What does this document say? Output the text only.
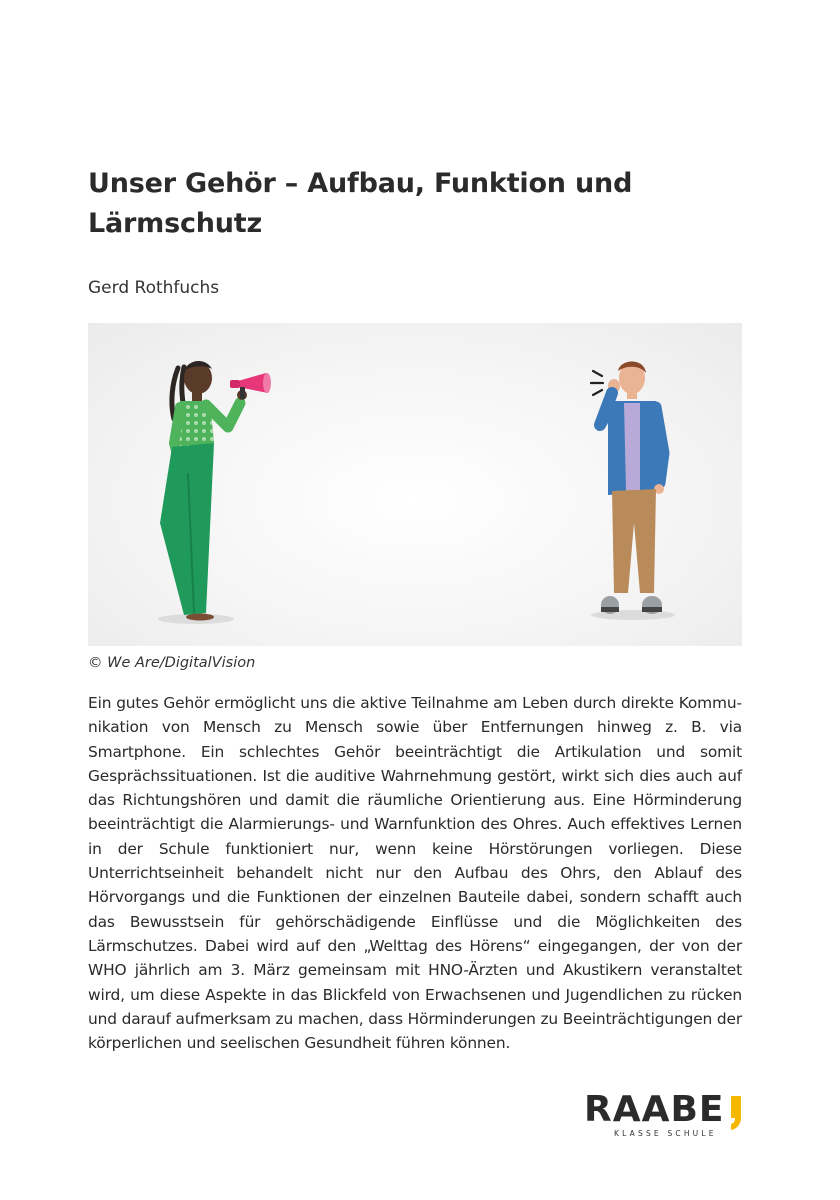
Unser Gehör – Aufbau, Funktion und Lärmschutz

Gerd Rothfuchs

© We Are/DigitalVision

Ein gutes Gehör ermöglicht uns die aktive Teilnahme am Leben durch direkte Kommunikation von Mensch zu Mensch sowie über Entfernungen hinweg z. B. via Smartphone. Ein schlechtes Gehör beeinträchtigt die Artikulation und somit Gesprächssituationen. Ist die auditive Wahrnehmung gestört, wirkt sich dies auch auf das Richtungshören und damit die räumliche Orientierung aus. Eine Hörminderung beeinträchtigt die Alarmierungs- und Warnfunktion des Ohres. Auch effektives Lernen in der Schule funktioniert nur, wenn keine Hörstörungen vorliegen. Diese Unterrichtseinheit behandelt nicht nur den Aufbau des Ohrs, den Ablauf des Hörvorgangs und die Funktionen der einzelnen Bauteile dabei, sondern schafft auch das Bewusstsein für gehörschädigende Einflüsse und die Möglichkeiten des Lärmschutzes. Dabei wird auf den „Welttag des Hörens“ eingegangen, der von der WHO jährlich am 3. März gemeinsam mit HNO-Ärzten und Akustikern veranstaltet wird, um diese Aspekte in das Blickfeld von Erwachsenen und Jugendlichen zu rücken und darauf aufmerksam zu machen, dass Hörminderungen zu Beeinträchtigungen der körperlichen und seelischen Gesundheit führen können.

RAABE
KLASSE SCHULE
